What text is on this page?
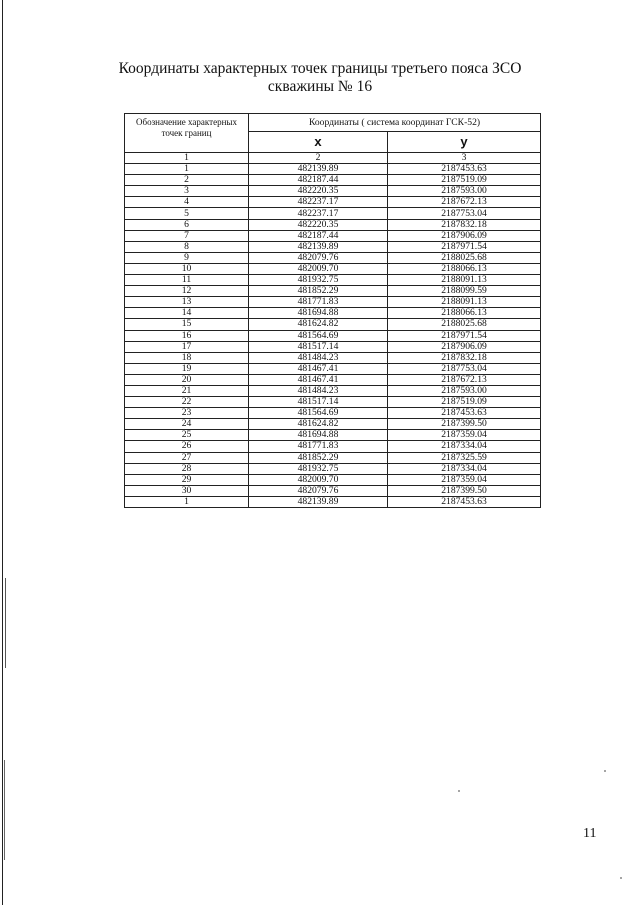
Координаты характерных точек границы третьего пояса ЗСО
скважины № 16
Обозначение характерных точек границ	Координаты ( система координат ГСК-52)	
	x	y
1	2	3
1	482139.89	2187453.63
2	482187.44	2187519.09
3	482220.35	2187593.00
4	482237.17	2187672.13
5	482237.17	2187753.04
6	482220.35	2187832.18
7	482187.44	2187906.09
8	482139.89	2187971.54
9	482079.76	2188025.68
10	482009.70	2188066.13
11	481932.75	2188091.13
12	481852.29	2188099.59
13	481771.83	2188091.13
14	481694.88	2188066.13
15	481624.82	2188025.68
16	481564.69	2187971.54
17	481517.14	2187906.09
18	481484.23	2187832.18
19	481467.41	2187753.04
20	481467.41	2187672.13
21	481484.23	2187593.00
22	481517.14	2187519.09
23	481564.69	2187453.63
24	481624.82	2187399.50
25	481694.88	2187359.04
26	481771.83	2187334.04
27	481852.29	2187325.59
28	481932.75	2187334.04
29	482009.70	2187359.04
30	482079.76	2187399.50
1	482139.89	2187453.63
11
